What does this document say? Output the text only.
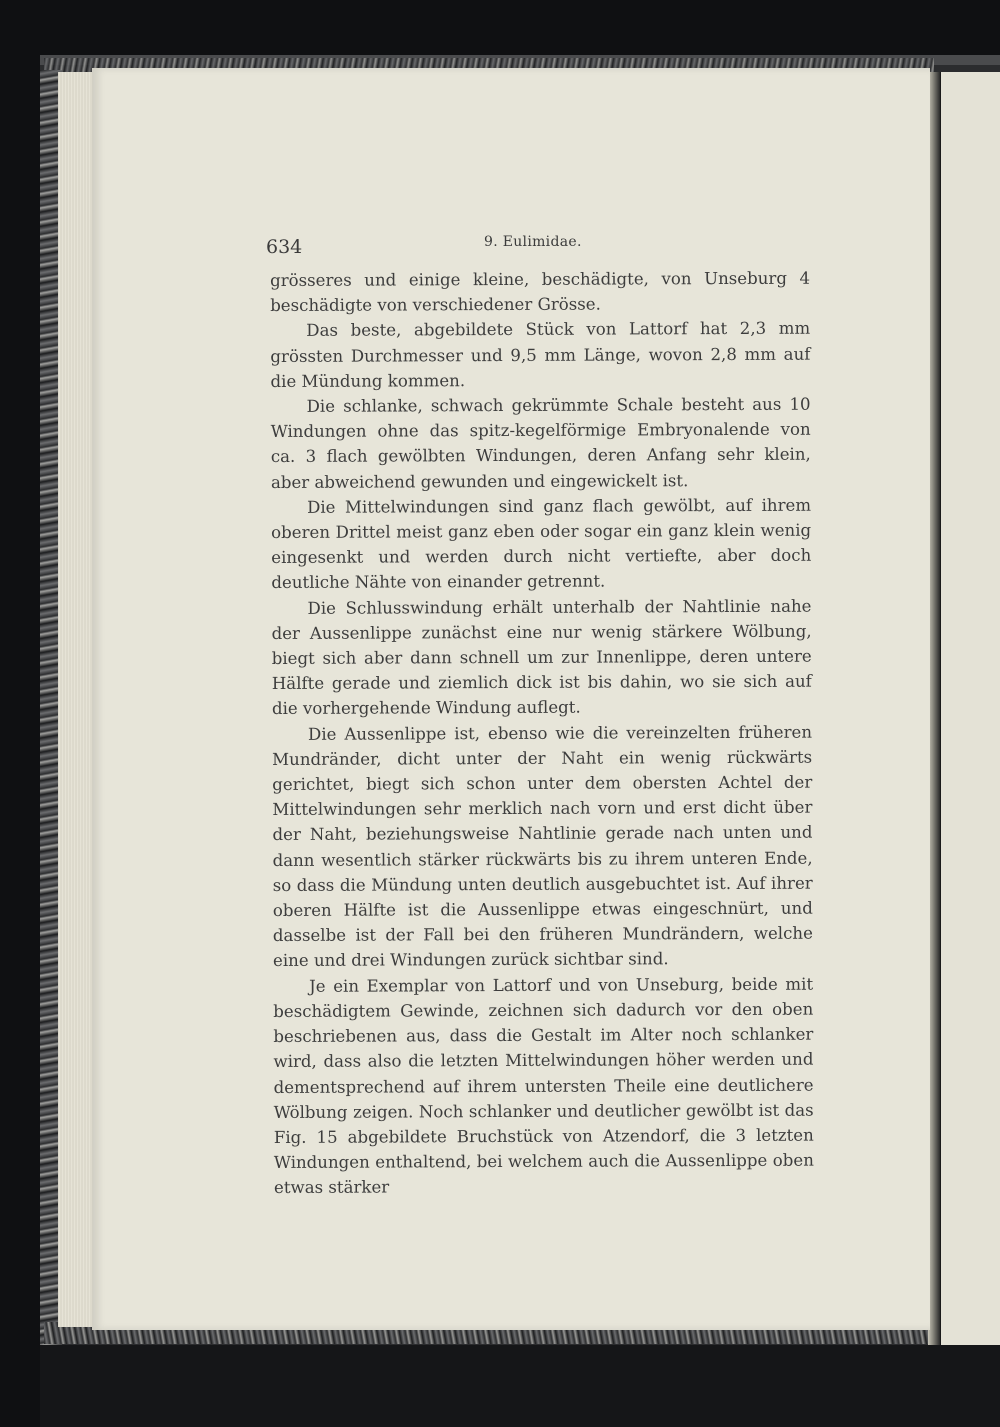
634	9. Eulimidae.

grösseres und einige kleine, beschädigte, von Unseburg 4 beschädigte von verschiedener Grösse.

Das beste, abgebildete Stück von Lattorf hat 2,3 mm grössten Durchmesser und 9,5 mm Länge, wovon 2,8 mm auf die Mündung kommen.

Die schlanke, schwach gekrümmte Schale besteht aus 10 Windungen ohne das spitz-kegelförmige Embryonalende von ca. 3 flach gewölbten Windungen, deren Anfang sehr klein, aber abweichend gewunden und eingewickelt ist.

Die Mittelwindungen sind ganz flach gewölbt, auf ihrem oberen Drittel meist ganz eben oder sogar ein ganz klein wenig eingesenkt und werden durch nicht vertiefte, aber doch deutliche Nähte von einander getrennt.

Die Schlusswindung erhält unterhalb der Nahtlinie nahe der Aussenlippe zunächst eine nur wenig stärkere Wölbung, biegt sich aber dann schnell um zur Innenlippe, deren untere Hälfte gerade und ziemlich dick ist bis dahin, wo sie sich auf die vorhergehende Windung auflegt.

Die Aussenlippe ist, ebenso wie die vereinzelten früheren Mundränder, dicht unter der Naht ein wenig rückwärts gerichtet, biegt sich schon unter dem obersten Achtel der Mittelwindungen sehr merklich nach vorn und erst dicht über der Naht, beziehungsweise Nahtlinie gerade nach unten und dann wesentlich stärker rückwärts bis zu ihrem unteren Ende, so dass die Mündung unten deutlich ausgebuchtet ist. Auf ihrer oberen Hälfte ist die Aussenlippe etwas eingeschnürt, und dasselbe ist der Fall bei den früheren Mundrändern, welche eine und drei Windungen zurück sichtbar sind.

Je ein Exemplar von Lattorf und von Unseburg, beide mit beschädigtem Gewinde, zeichnen sich dadurch vor den oben beschriebenen aus, dass die Gestalt im Alter noch schlanker wird, dass also die letzten Mittelwindungen höher werden und dementsprechend auf ihrem untersten Theile eine deutlichere Wölbung zeigen. Noch schlanker und deutlicher gewölbt ist das Fig. 15 abgebildete Bruchstück von Atzendorf, die 3 letzten Windungen enthaltend, bei welchem auch die Aussenlippe oben etwas stärker
